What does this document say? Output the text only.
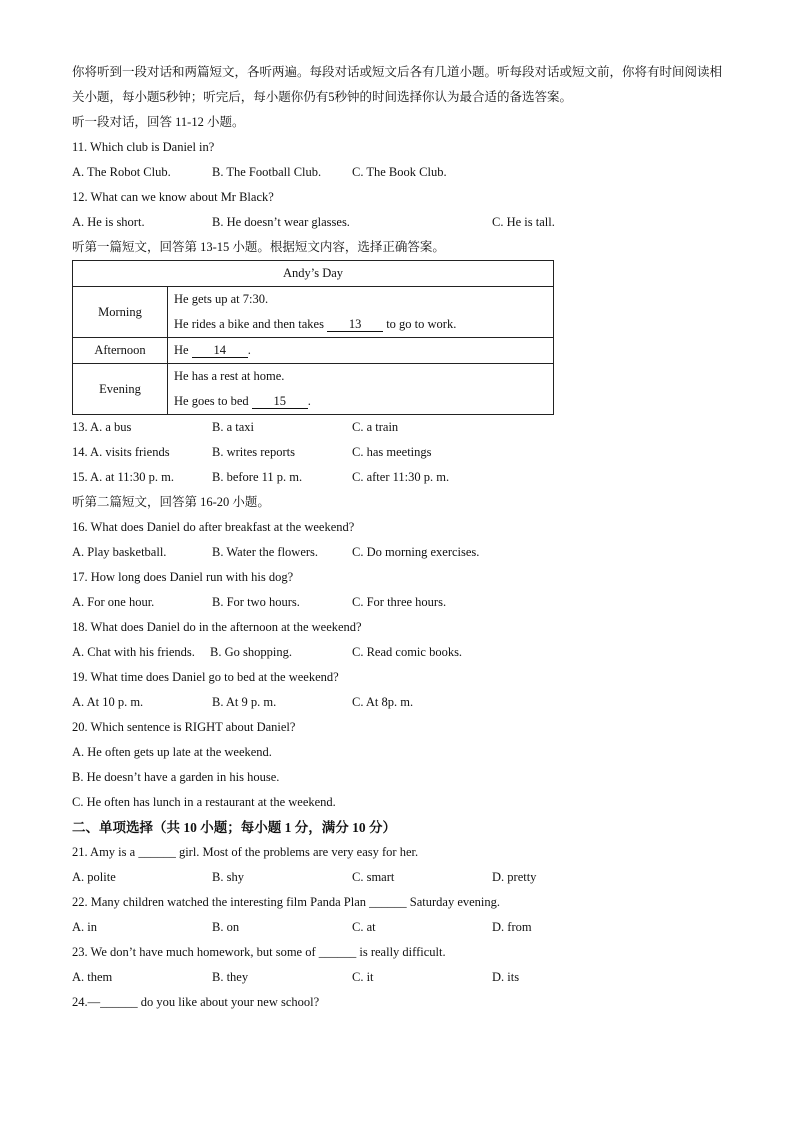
你将听到一段对话和两篇短文，各听两遍。每段对话或短文后各有几道小题。听每段对话或短文前，你将有时间阅读相关小题，每小题5秒钟；听完后，每小题你仍有5秒钟的时间选择你认为最合适的备选答案。

听一段对话，回答 11-12 小题。
11. Which club is Daniel in?
A. The Robot Club.	B. The Football Club. C. The Book Club.
12. What can we know about Mr Black?
A. He is short.	B. He doesn’t wear glasses.	C. He is tall.
听第一篇短文，回答第 13-15 小题。根据短文内容，选择正确答案。
Andy’s Day	
Morning	He gets up at 7:30.
He rides a bike and then takes 13 to go to work.

Afternoon	He 14 .

Evening	He has a rest at home.
He goes to bed 15 .
13. A. a bus	B. a taxi	C. a train
14. A. visits friends	B. writes reports	C. has meetings
15. A. at 11:30 p. m.	B. before 11 p. m.	C. after 11:30 p. m.
听第二篇短文，回答第 16-20 小题。
16. What does Daniel do after breakfast at the weekend?
A. Play basketball.	B. Water the flowers.	C. Do morning exercises.
17. How long does Daniel run with his dog?
A. For one hour.	B. For two hours.	C. For three hours.
18. What does Daniel do in the afternoon at the weekend?
A. Chat with his friends. B. Go shopping.	C. Read comic books.
19. What time does Daniel go to bed at the weekend?
A. At 10 p. m.	B. At 9 p. m.	C. At 8p. m.
20. Which sentence is RIGHT about Daniel?
A. He often gets up late at the weekend.
B. He doesn’t have a garden in his house.
C. He often has lunch in a restaurant at the weekend.
二、单项选择（共 10 小题；每小题 1 分，满分 10 分）
21. Amy is a ______ girl. Most of the problems are very easy for her.
A. polite	B. shy	C. smart	D. pretty
22. Many children watched the interesting film Panda Plan ______ Saturday evening.
A. in	B. on	C. at	D. from
23. We don’t have much homework, but some of ______ is really difficult.
A. them	B. they	C. it	D. its
24.—______ do you like about your new school?
